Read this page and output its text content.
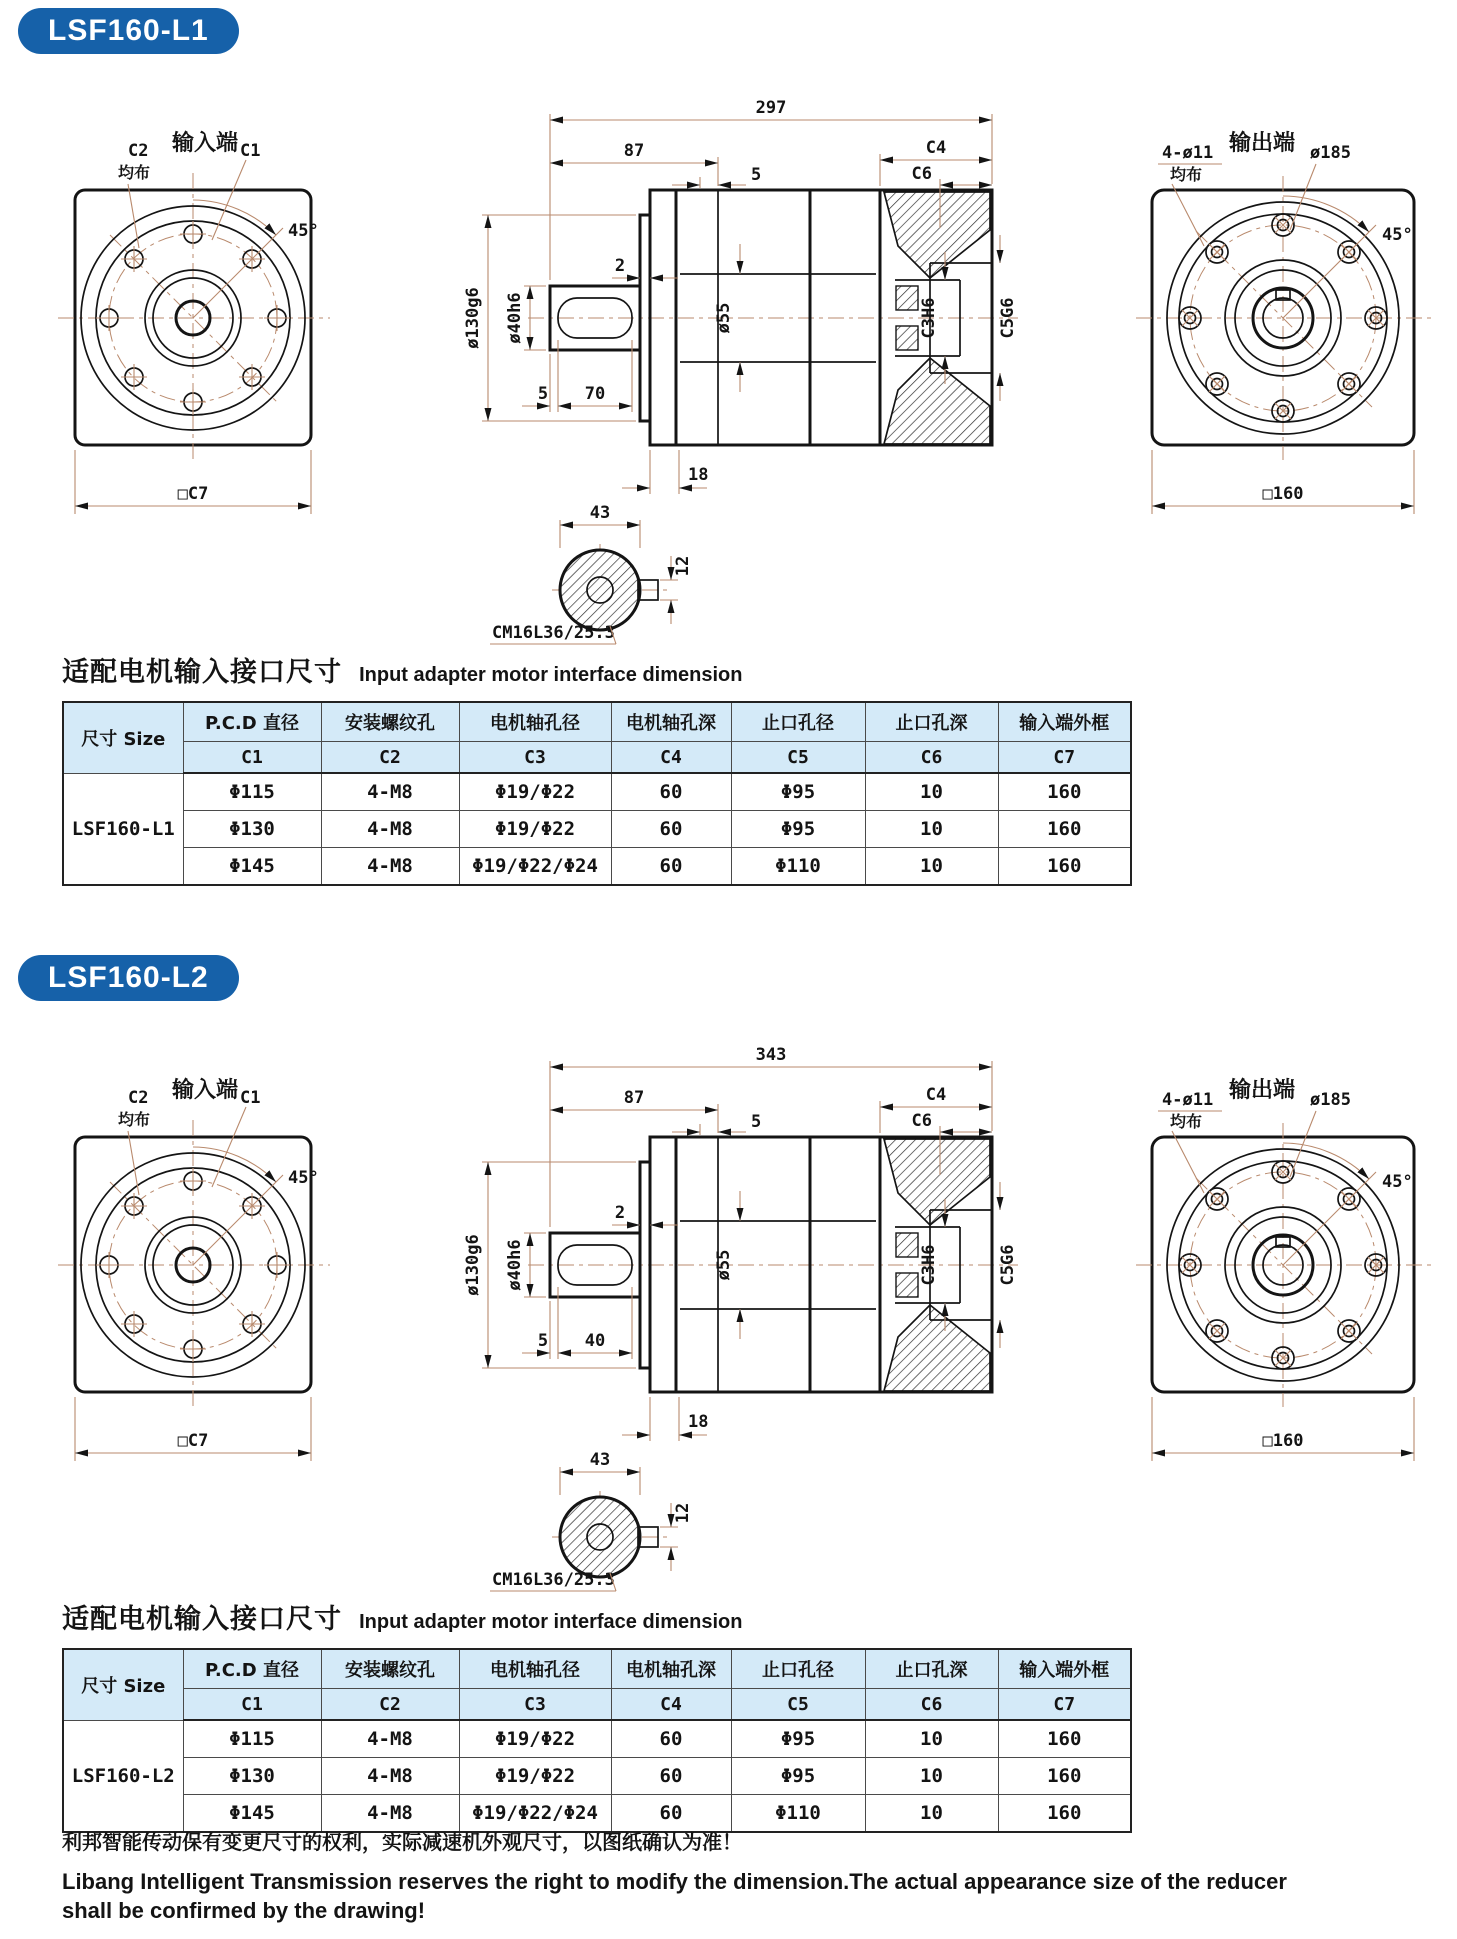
LSF160-L1
输入端
C2
均布
C1
45°
□C7
297
87
5
2
C4
C6
ø130g6 ø40h6	ø55	C3H6	C5G6
5 70
18
43
12
CM16L36/25.3
输出端
4-ø11
均布
ø185
45°
□160
适配电机输入接口尺寸 Input adapter motor interface dimension
尺寸 Size	P.C.D 直径	安装螺纹孔	电机轴孔径	电机轴孔深	止口孔径	止口孔深	输入端外框
	C1	C2	C3	C4	C5	C6	C7
LSF160-L1	Φ115	4-M8	Φ19/Φ22	60	Φ95	10	160
	Φ130	4-M8	Φ19/Φ22	60	Φ95	10	160
	Φ145	4-M8	Φ19/Φ22/Φ24	60	Φ110	10	160
LSF160-L2
输入端
C2
均布
C1
45°
□C7
343
87
5
2
C4
C6
ø130g6 ø40h6	ø55	C3H6	C5G6
5 40
18
43
12
CM16L36/25.3
输出端
4-ø11
均布
ø185
45°
□160
适配电机输入接口尺寸 Input adapter motor interface dimension
尺寸 Size	P.C.D 直径	安装螺纹孔	电机轴孔径	电机轴孔深	止口孔径	止口孔深	输入端外框
	C1	C2	C3	C4	C5	C6	C7
LSF160-L2	Φ115	4-M8	Φ19/Φ22	60	Φ95	10	160
	Φ130	4-M8	Φ19/Φ22	60	Φ95	10	160
	Φ145	4-M8	Φ19/Φ22/Φ24	60	Φ110	10	160
利邦智能传动保有变更尺寸的权利，实际减速机外观尺寸，以图纸确认为准！
Libang Intelligent Transmission reserves the right to modify the dimension.The actual appearance size of the reducer
shall be confirmed by the drawing!
